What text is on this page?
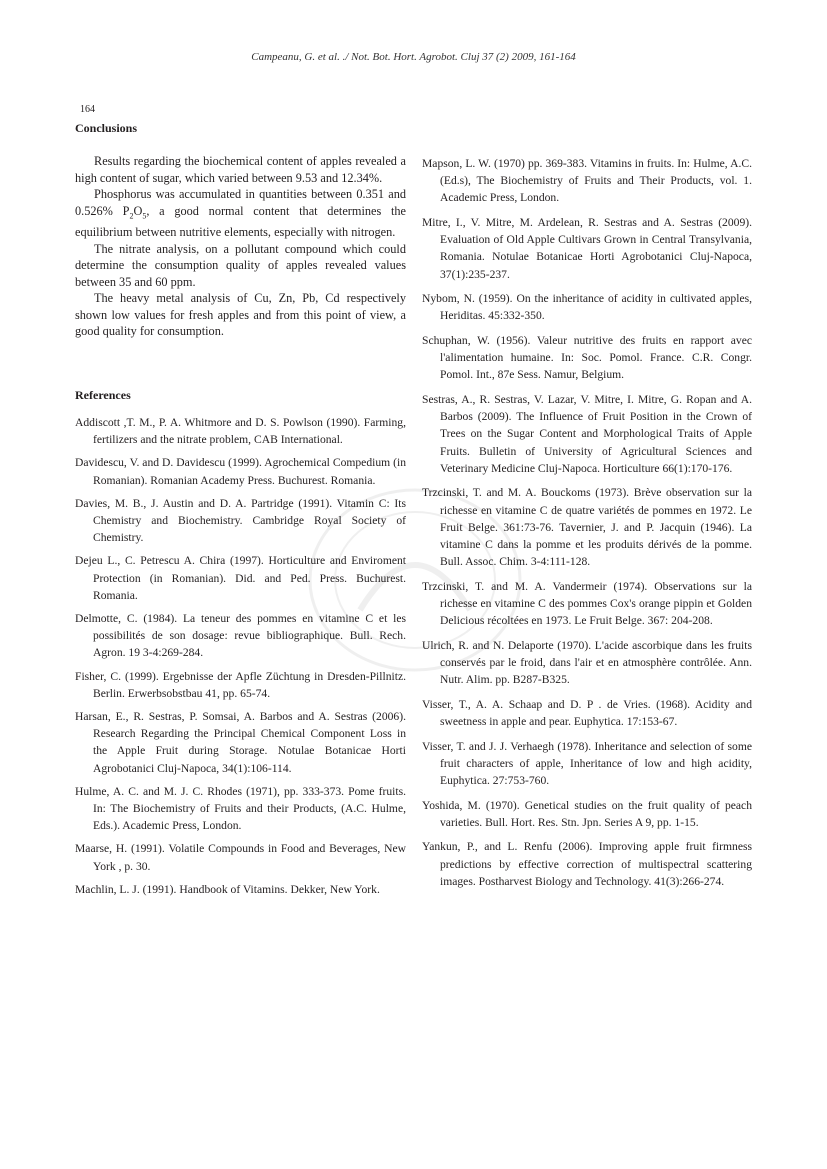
Campeanu, G. et al. ./ Not. Bot. Hort. Agrobot. Cluj 37 (2) 2009, 161-164
164
Conclusions

Results regarding the biochemical content of apples revealed a high content of sugar, which varied between 9.53 and 12.34%.

Phosphorus was accumulated in quantities between 0.351 and 0.526% $P_2O_5$, a good normal content that determines the equilibrium between nutritive elements, especially with nitrogen.

The nitrate analysis, on a pollutant compound which could determine the consumption quality of apples revealed values between 35 and 60 ppm.

The heavy metal analysis of Cu, Zn, Pb, Cd respectively shown low values for fresh apples and from this point of view, a good quality for consumption.

References

Addiscott ,T. M., P. A. Whitmore and D. S. Powlson (1990). Farming, fertilizers and the nitrate problem, CAB International.

Davidescu, V. and D. Davidescu (1999). Agrochemical Compedium (in Romanian). Romanian Academy Press. Buchurest. Romania.

Davies, M. B., J. Austin and D. A. Partridge (1991). Vitamin C: Its Chemistry and Biochemistry. Cambridge Royal Society of Chemistry.

Dejeu L., C. Petrescu A. Chira (1997). Horticulture and Enviroment Protection (in Romanian). Did. and Ped. Press. Buchurest. Romania.

Delmotte, C. (1984). La teneur des pommes en vitamine C et les possibilités de son dosage: revue bibliographique. Bull. Rech. Agron. 19 3-4:269-284.

Fisher, C. (1999). Ergebnisse der Apfle Züchtung in Dresden-Pillnitz. Berlin. Erwerbsobstbau 41, pp. 65-74.

Harsan, E., R. Sestras, P. Somsai, A. Barbos and A. Sestras (2006). Research Regarding the Principal Chemical Component Loss in the Apple Fruit during Storage. Notulae Botanicae Horti Agrobotanici Cluj-Napoca, 34(1):106-114.

Hulme, A. C. and M. J. C. Rhodes (1971), pp. 333-373. Pome fruits. In: The Biochemistry of Fruits and their Products, (A.C. Hulme, Eds.). Academic Press, London.

Maarse, H. (1991). Volatile Compounds in Food and Beverages, New York , p. 30.

Machlin, L. J. (1991). Handbook of Vitamins. Dekker, New York.

Mapson, L. W. (1970) pp. 369-383. Vitamins in fruits. In: Hulme, A.C. (Ed.s), The Biochemistry of Fruits and Their Products, vol. 1. Academic Press, London.

Mitre, I., V. Mitre, M. Ardelean, R. Sestras and A. Sestras (2009). Evaluation of Old Apple Cultivars Grown in Central Transylvania, Romania. Notulae Botanicae Horti Agrobotanici Cluj-Napoca, 37(1):235-237.

Nybom, N. (1959). On the inheritance of acidity in cultivated apples, Heriditas. 45:332-350.

Schuphan, W. (1956). Valeur nutritive des fruits en rapport avec l'alimentation humaine. In: Soc. Pomol. France. C.R. Congr. Pomol. Int., 87e Sess. Namur, Belgium.

Sestras, A., R. Sestras, V. Lazar, V. Mitre, I. Mitre, G. Ropan and A. Barbos (2009). The Influence of Fruit Position in the Crown of Trees on the Sugar Content and Morphological Traits of Apple Fruits. Bulletin of University of Agricultural Sciences and Veterinary Medicine Cluj-Napoca. Horticulture 66(1):170-176.

Trzcinski, T. and M. A. Bouckoms (1973). Brève observation sur la richesse en vitamine C de quatre variétés de pommes en 1972. Le Fruit Belge. 361:73-76. Tavernier, J. and P. Jacquin (1946). La vitamine C dans la pomme et les produits dérivés de la pomme. Bull. Assoc. Chim. 3-4:111-128.

Trzcinski, T. and M. A. Vandermeir (1974). Observations sur la richesse en vitamine C des pommes Cox's orange pippin et Golden Delicious récoltées en 1973. Le Fruit Belge. 367: 204-208.

Ulrich, R. and N. Delaporte (1970). L'acide ascorbique dans les fruits conservés par le froid, dans l'air et en atmosphère contrôlée. Ann. Nutr. Alim. pp. B287-B325.

Visser, T., A. A. Schaap and D. P . de Vries. (1968). Acidity and sweetness in apple and pear. Euphytica. 17:153-67.

Visser, T. and J. J. Verhaegh (1978). Inheritance and selection of some fruit characters of apple, Inheritance of low and high acidity, Euphytica. 27:753-760.

Yoshida, M. (1970). Genetical studies on the fruit quality of peach varieties. Bull. Hort. Res. Stn. Jpn. Series A 9, pp. 1-15.

Yankun, P., and L. Renfu (2006). Improving apple fruit firmness predictions by effective correction of multispectral scattering images. Postharvest Biology and Technology. 41(3):266-274.
